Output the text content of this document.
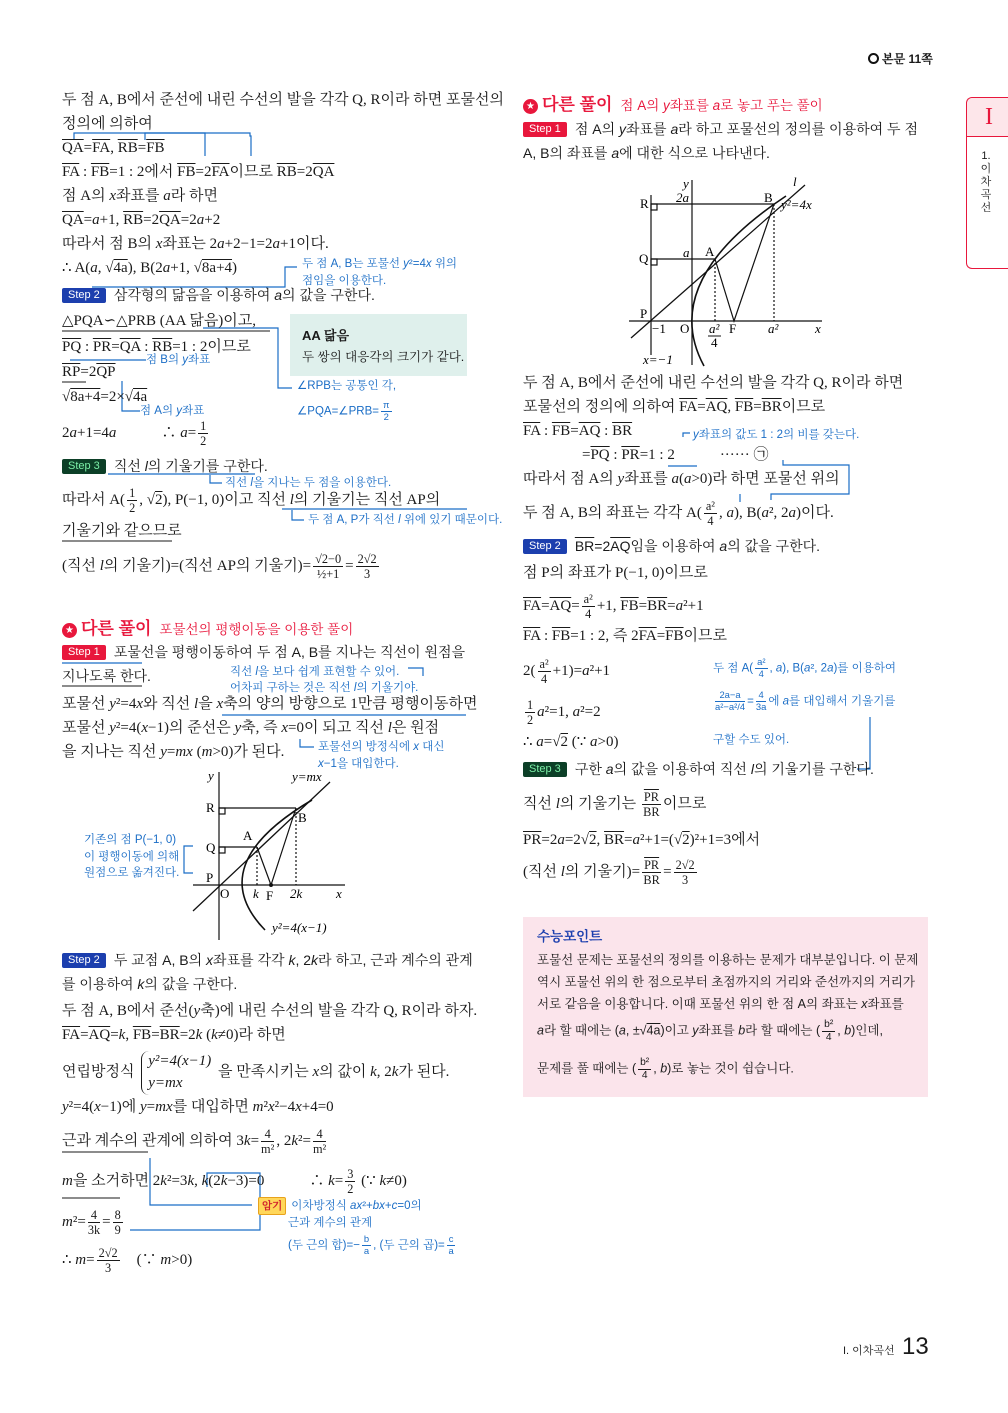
본문 11쪽
I
1.이차곡선
I. 이차곡선 13
두 점 A, B에서 준선에 내린 수선의 발을 각각 Q, R이라 하면 포물선의
정의에 의하여
$\overline{QA}=\overline{FA}$, $\overline{RB}=\overline{FB}$
$\overline{FA}$ : $\overline{FB}=1$ : 2에서 $\overline{FB}=2\overline{FA}$이므로 $\overline{RB}=2\overline{QA}$
점 A의 x좌표를 a라 하면
$\overline{QA}=a+1$, $\overline{RB}=2\overline{QA}=2a+2$
따라서 점 B의 x좌표는 2a+2−1=2a+1이다.
∴ A(a, √4a), B(2a+1, √8a+4)	두 점 A, B는 포물선 y²=4x 위의
점임을 이용한다.
Step 2 삼각형의 닮음을 이용하여 a의 값을 구한다.
△PQA∽△PRB (AA 닮음)이고,
$\overline{PQ}$ : $\overline{PR}=\overline{QA}$ : $\overline{RB}=1$ : 2이므로
점 B의 y좌표
$\overline{RP}=2\overline{QP}$
√8a+4=2×√4a
점 A의 y좌표
2a+1=4a　　　∴ $a= \frac{1}{2}$
AA 닮음
두 쌍의 대응각의 크기가 같다.
∠RPB는 공통인 각,
∠PQA=∠PRB= $\frac{\pi}{2}$
Step 3 직선 l의 기울기를 구한다.
직선 l을 지나는 두 점을 이용한다.
따라서 $A( \frac{1}{2}$ , √2), P(−1, 0)이고 직선 l의 기울기는 직선 AP의
두 점 A, P가 직선 l 위에 있기 때문이다.
기울기와 같으므로
(직선 l의 기울기)=(직선 AP의 기울기)= $\frac{√2-0}{\text{½+1}} = \frac{2√2}{3}$
★ 다른 풀이 포물선의 평행이동을 이용한 풀이
Step 1 포물선을 평행이동하여 두 점 A, B를 지나는 직선이 원점을
지나도록 한다.	직선 l을 보다 쉽게 표현할 수 있어.
어차피 구하는 것은 직선 l의 기울기야.
포물선 y²=4x와 직선 l을 x축의 양의 방향으로 1만큼 평행이동하면
포물선 y²=4(x−1)의 준선은 y축, 즉 x=0이 되고 직선 l은 원점
을 지나는 직선 y=mx (m>0)가 된다.	포물선의 방정식에 x 대신
x−1을 대입한다.
y	y=mx
R
B
A
Q
P
O k F 2k	x
y²=4(x−1)
기존의 점 P(−1, 0)
이 평행이동에 의해
원점으로 옮겨진다.
Step 2 두 교점 A, B의 x좌표를 각각 k, 2k라 하고, 근과 계수의 관계
를 이용하여 k의 값을 구한다.
두 점 A, B에서 준선(y축)에 내린 수선의 발을 각각 Q, R이라 하자.
$\overline{FA}=\overline{AQ}=k$, $\overline{FB}=\overline{BR}=2k$ (k≠0)라 하면
연립방정식
y²=4(x−1)
y=mx
을 만족시키는 x의 값이 k, 2k가 된다.
y²=4(x−1)에 y=mx를 대입하면 m²x²−4x+4=0
근과 계수의 관계에 의하여 $3k= \frac{4}{\text{m²}}$ , $2k^2= \frac{4}{\text{m²}}$
m을 소거하면 2k²=3k, k(2k−3)=0　　　∴ $k= \frac{3}{2}$ (∵ k≠0)
$m^2= \frac{4}{3k} = \frac{8}{9}$
∴ $m= \frac{2√2}{3}$ 　(∵ m>0)
암기 이차방정식 ax²+bx+c=0의
근과 계수의 관계
(두 근의 합)=− $\frac{b}{a}$ , (두 근의 곱)= $\frac{c}{a}$
★ 다른 풀이 점 A의 y좌표를 a로 놓고 푸는 풀이
Step 1 점 A의 y좌표를 a라 하고 포물선의 정의를 이용하여 두 점
A, B의 좌표를 a에 대한 식으로 나타낸다.
y	l
R 2a	B y²=4x
Q	a A
P
−1 O a²
4
F a²	x
x=−1
두 점 A, B에서 준선에 내린 수선의 발을 각각 Q, R이라 하면
포물선의 정의에 의하여 $\overline{FA}=\overline{AQ}$, $\overline{FB}=\overline{BR}$이므로
$\overline{FA}$ : $\overline{FB}=\overline{AQ}$ : $\overline{BR}$	y좌표의 값도 1 : 2의 비를 갖는다.
$=\overline{PQ}$ : $\overline{PR}=1$ : 2　　　······ ㉠
따라서 점 A의 y좌표를 a(a>0)라 하면 포물선 위의
두 점 A, B의 좌표는 각각 $A( \frac{\text{a²}}{4}$ , a), B(a², 2a)이다.
Step 2 $\overline{BR}=2\overline{AQ}$임을 이용하여 a의 값을 구한다.
점 P의 좌표가 P(−1, 0)이므로
$\overline{FA}=\overline{AQ}= \frac{\text{a²}}{4} +1$, $\overline{FB}=\overline{BR}=a^2+1$
$\overline{FA}$ : $\overline{FB}=1$ : 2, 즉 $2\overline{FA}=\overline{FB}$이므로
$2( \frac{\text{a²}}{4} +1)=a^2+1$
$\frac{1}{2} a^2=1$, a²=2
∴ a=√2 (∵ a>0)
두 점 $A( \frac{\text{a²}}{4}$ , a), B(a², 2a)를 이용하여
$\frac{2a-a}{\text{a²−a²/4}} = \frac{4}{3a}$ 에 a를 대입해서 기울기를
구할 수도 있어.
Step 3 구한 a의 값을 이용하여 직선 l의 기울기를 구한다.
직선 l의 기울기는 $\frac{\overline{PR}}{BR}$ 이므로
$\overline{PR}=2a=2√2$, $\overline{BR}=a^2+1=(√2)^2+1=3$에서
(직선 l의 기울기)= $\frac{\overline{PR}}{BR} = \frac{2√2}{3}$
수능포인트
포물선 문제는 포물선의 정의를 이용하는 문제가 대부분입니다. 이 문제
역시 포물선 위의 한 점으로부터 초점까지의 거리와 준선까지의 거리가
서로 같음을 이용합니다. 이때 포물선 위의 한 점 A의 좌표는 x좌표를
a라 할 때에는 (a, ±√4a)이고 y좌표를 b라 할 때에는 ( $\frac{\text{b²}}{4}$ , b)인데,
문제를 풀 때에는 ( $\frac{\text{b²}}{4}$ , b)로 놓는 것이 쉽습니다.
